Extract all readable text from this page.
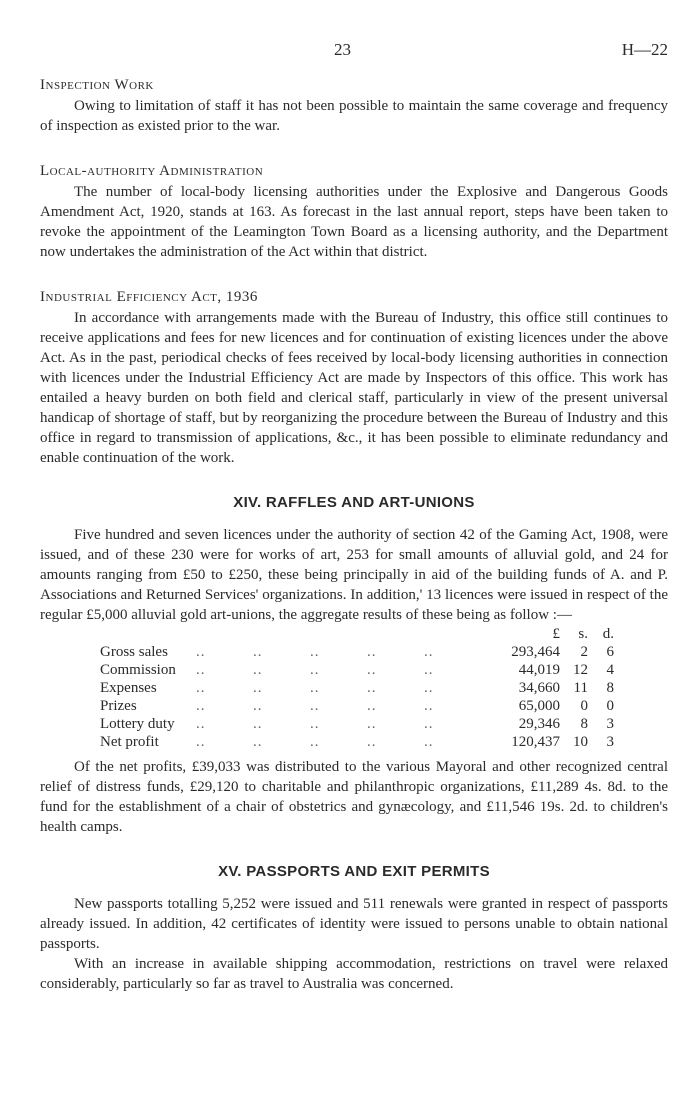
23	H—22
Inspection Work

Owing to limitation of staff it has not been possible to maintain the same coverage and frequency of inspection as existed prior to the war.

Local-authority Administration

The number of local-body licensing authorities under the Explosive and Dangerous Goods Amendment Act, 1920, stands at 163. As forecast in the last annual report, steps have been taken to revoke the appointment of the Leamington Town Board as a licensing authority, and the Department now undertakes the administration of the Act within that district.

Industrial Efficiency Act, 1936

In accordance with arrangements made with the Bureau of Industry, this office still continues to receive applications and fees for new licences and for continuation of existing licences under the above Act. As in the past, periodical checks of fees received by local-body licensing authorities in connection with licences under the Industrial Efficiency Act are made by Inspectors of this office. This work has entailed a heavy burden on both field and clerical staff, particularly in view of the present universal handicap of shortage of staff, but by reorganizing the procedure between the Bureau of Industry and this office in regard to transmission of applications, &c., it has been possible to eliminate redundancy and enable continuation of the work.

XIV. RAFFLES AND ART-UNIONS

Five hundred and seven licences under the authority of section 42 of the Gaming Act, 1908, were issued, and of these 230 were for works of art, 253 for small amounts of alluvial gold, and 24 for amounts ranging from £50 to £250, these being principally in aid of the building funds of A. and P. Associations and Returned Services' organizations. In addition,' 13 licences were issued in respect of the regular £5,000 alluvial gold art-unions, the aggregate results of these being as follow :—

		£	s.	d.
Gross sales	..          ..          ..          ..          ..	293,464	2	6
Commission	..          ..          ..          ..          ..	44,019	12	4
Expenses	..          ..          ..          ..          ..	34,660	11	8
Prizes	..          ..          ..          ..          ..	65,000	0	0
Lottery duty	..          ..          ..          ..          ..	29,346	8	3
Net profit	..          ..          ..          ..          ..	120,437	10	3

Of the net profits, £39,033 was distributed to the various Mayoral and other recognized central relief of distress funds, £29,120 to charitable and philanthropic organizations, £11,289 4s. 8d. to the fund for the establishment of a chair of obstetrics and gynæcology, and £11,546 19s. 2d. to children's health camps.

XV. PASSPORTS AND EXIT PERMITS

New passports totalling 5,252 were issued and 511 renewals were granted in respect of passports already issued. In addition, 42 certificates of identity were issued to persons unable to obtain national passports.

With an increase in available shipping accommodation, restrictions on travel were relaxed considerably, particularly so far as travel to Australia was concerned.
